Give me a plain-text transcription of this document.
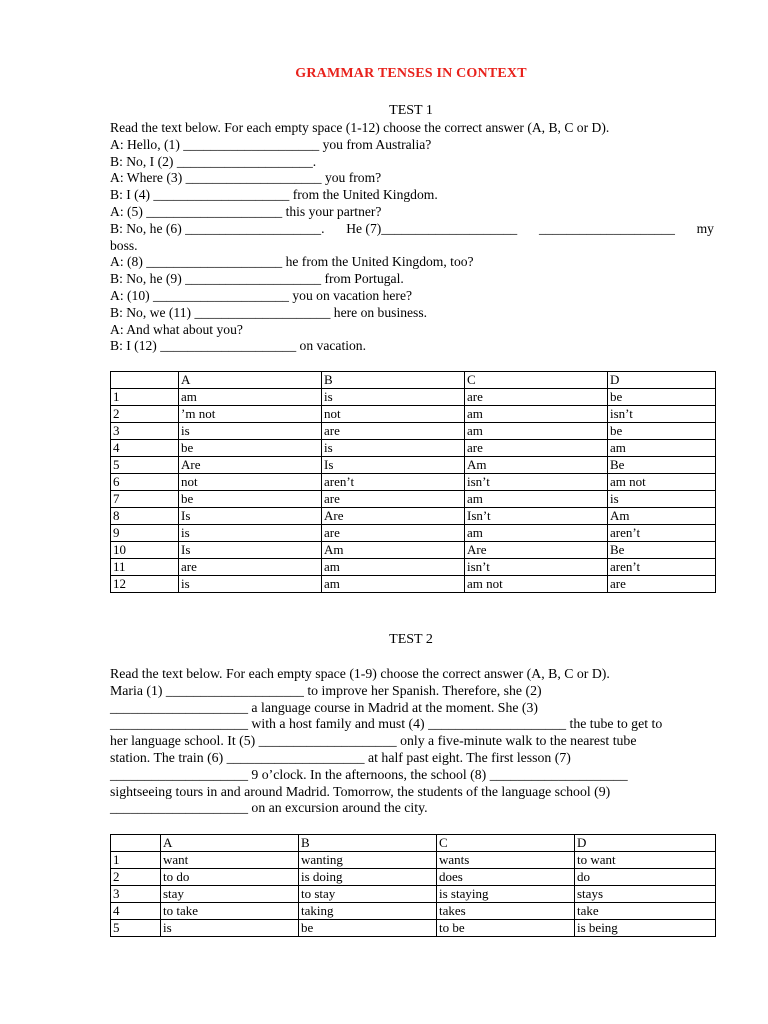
GRAMMAR TENSES IN CONTEXT
TEST 1
Read the text below. For each empty space (1-12) choose the correct answer (A, B, C or D).
A: Hello, (1) ____________________ you from Australia?
B: No, I (2) ____________________.
A: Where (3) ____________________ you from?
B: I (4) ____________________ from the United Kingdom.
A: (5) ____________________ this your partner?
B: No, he (6) ____________________. He (7)____________________ ____________________ my
boss.
A: (8) ____________________ he from the United Kingdom, too?
B: No, he (9) ____________________ from Portugal.
A: (10) ____________________ you on vacation here?
B: No, we (11) ____________________ here on business.
A: And what about you?
B: I (12) ____________________ on vacation.
	A	B	C	D
1	am	is	are	be
2	’m not	not	am	isn’t
3	is	are	am	be
4	be	is	are	am
5	Are	Is	Am	Be
6	not	aren’t	isn’t	am not
7	be	are	am	is
8	Is	Are	Isn’t	Am
9	is	are	am	aren’t
10	Is	Am	Are	Be
11	are	am	isn’t	aren’t
12	is	am	am not	are
TEST 2
Read the text below. For each empty space (1-9) choose the correct answer (A, B, C or D).
Maria (1) ____________________ to improve her Spanish. Therefore, she (2)
____________________ a language course in Madrid at the moment. She (3)
____________________ with a host family and must (4) ____________________ the tube to get to
her language school. It (5) ____________________ only a five-minute walk to the nearest tube
station. The train (6) ____________________ at half past eight. The first lesson (7)
____________________ 9 o’clock. In the afternoons, the school (8) ____________________
sightseeing tours in and around Madrid. Tomorrow, the students of the language school (9)
____________________ on an excursion around the city.
	A	B	C	D
1	want	wanting	wants	to want
2	to do	is doing	does	do
3	stay	to stay	is staying	stays
4	to take	taking	takes	take
5	is	be	to be	is being
